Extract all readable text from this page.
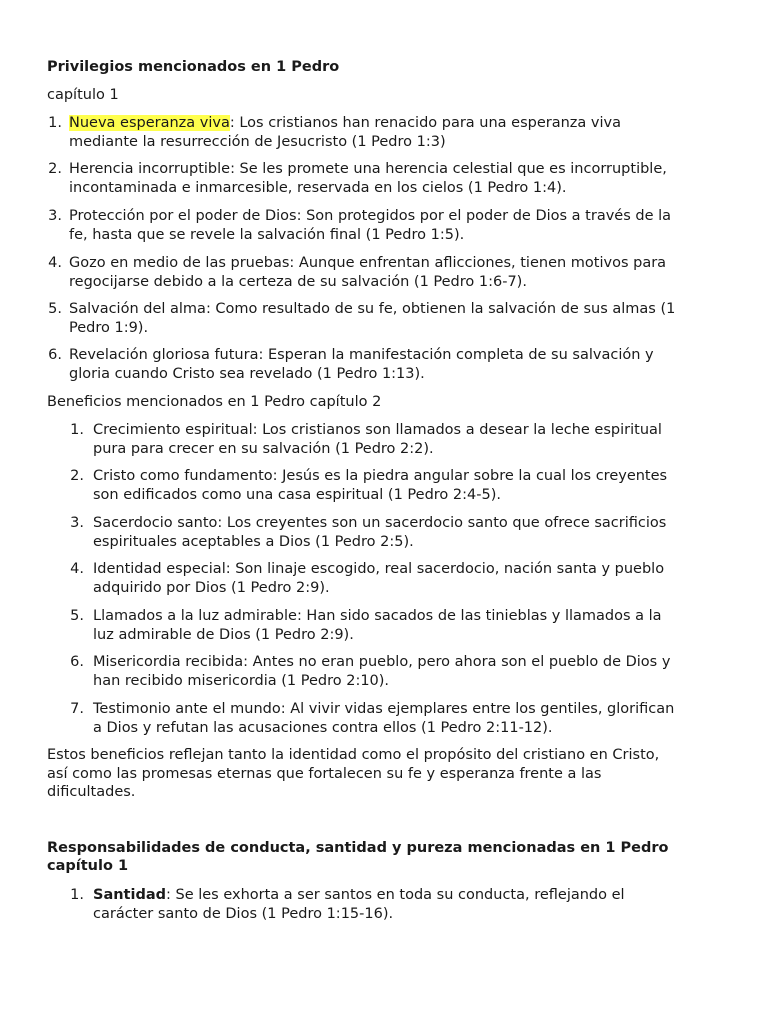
Privilegios mencionados en 1 Pedro

capítulo 1

1. Nueva esperanza viva: Los cristianos han renacido para una esperanza viva

mediante la resurrección de Jesucristo (1 Pedro 1:3)

2. Herencia incorruptible: Se les promete una herencia celestial que es incorruptible,

incontaminada e inmarcesible, reservada en los cielos (1 Pedro 1:4).

3. Protección por el poder de Dios: Son protegidos por el poder de Dios a través de la

fe, hasta que se revele la salvación final (1 Pedro 1:5).

4. Gozo en medio de las pruebas: Aunque enfrentan aflicciones, tienen motivos para

regocijarse debido a la certeza de su salvación (1 Pedro 1:6-7).

5. Salvación del alma: Como resultado de su fe, obtienen la salvación de sus almas (1

Pedro 1:9).

6. Revelación gloriosa futura: Esperan la manifestación completa de su salvación y

gloria cuando Cristo sea revelado (1 Pedro 1:13).

Beneficios mencionados en 1 Pedro capítulo 2

1. Crecimiento espiritual: Los cristianos son llamados a desear la leche espiritual

pura para crecer en su salvación (1 Pedro 2:2).

2. Cristo como fundamento: Jesús es la piedra angular sobre la cual los creyentes

son edificados como una casa espiritual (1 Pedro 2:4-5).

3. Sacerdocio santo: Los creyentes son un sacerdocio santo que ofrece sacrificios

espirituales aceptables a Dios (1 Pedro 2:5).

4. Identidad especial: Son linaje escogido, real sacerdocio, nación santa y pueblo

adquirido por Dios (1 Pedro 2:9).

5. Llamados a la luz admirable: Han sido sacados de las tinieblas y llamados a la

luz admirable de Dios (1 Pedro 2:9).

6. Misericordia recibida: Antes no eran pueblo, pero ahora son el pueblo de Dios y

han recibido misericordia (1 Pedro 2:10).

7. Testimonio ante el mundo: Al vivir vidas ejemplares entre los gentiles, glorifican

a Dios y refutan las acusaciones contra ellos (1 Pedro 2:11-12).

Estos beneficios reflejan tanto la identidad como el propósito del cristiano en Cristo,

así como las promesas eternas que fortalecen su fe y esperanza frente a las

dificultades.

Responsabilidades de conducta, santidad y pureza mencionadas en 1 Pedro

capítulo 1

1. Santidad: Se les exhorta a ser santos en toda su conducta, reflejando el

carácter santo de Dios (1 Pedro 1:15-16).
